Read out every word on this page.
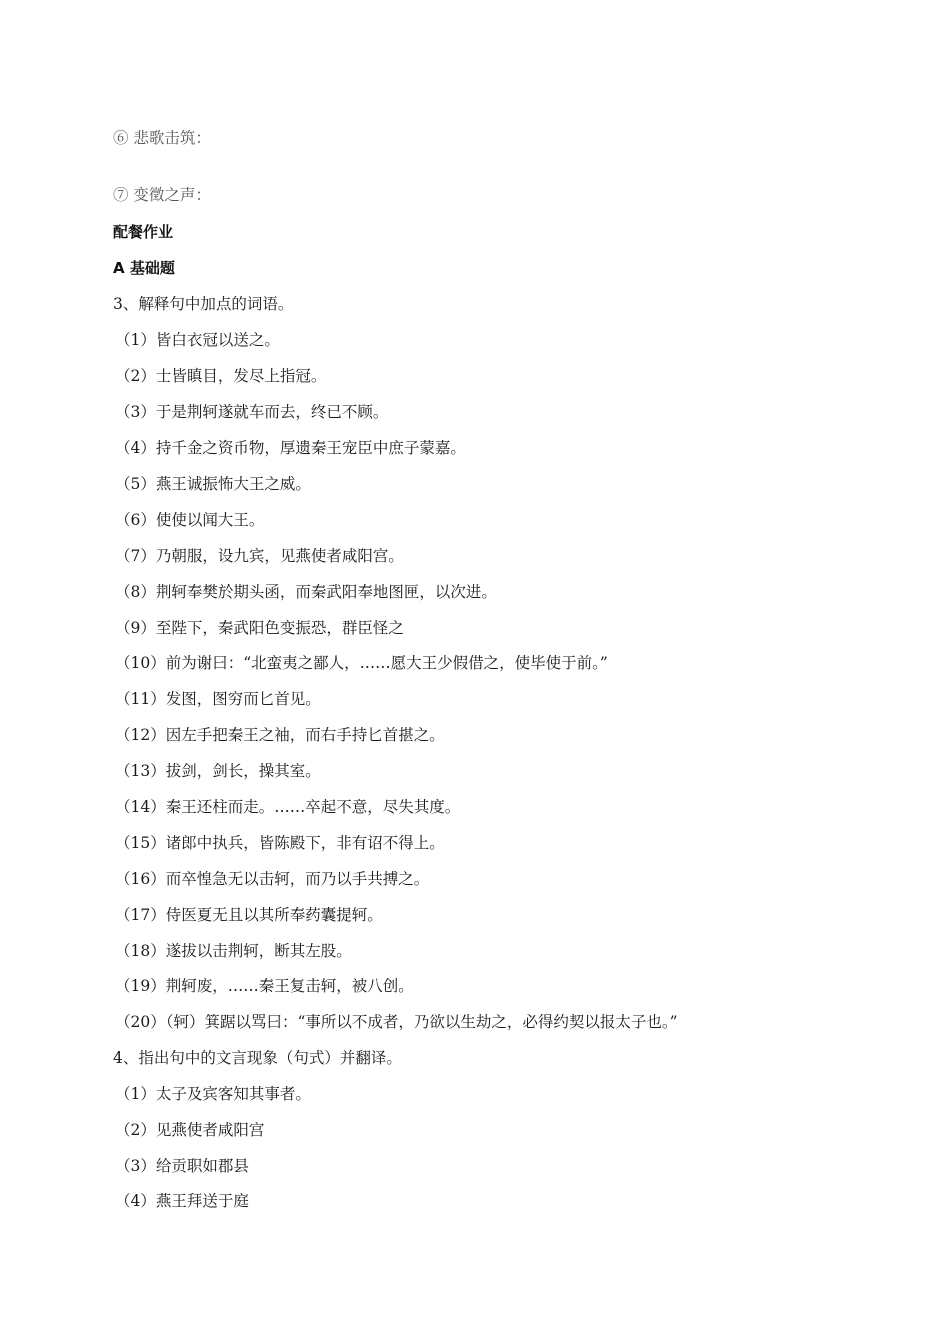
⑥ 悲歌击筑：
⑦ 变徵之声：
配餐作业
A 基础题
3、解释句中加点的词语。
（1）皆白衣冠以送之。
（2）士皆瞋目，发尽上指冠。
（3）于是荆轲遂就车而去，终已不顾。
（4）持千金之资币物，厚遗秦王宠臣中庶子蒙嘉。
（5）燕王诚振怖大王之威。
（6）使使以闻大王。
（7）乃朝服，设九宾，见燕使者咸阳宫。
（8）荆轲奉樊於期头函，而秦武阳奉地图匣，以次进。
（9）至陛下，秦武阳色变振恐，群臣怪之
（10）前为谢曰：“北蛮夷之鄙人，……愿大王少假借之，使毕使于前。”
（11）发图，图穷而匕首见。
（12）因左手把秦王之袖，而右手持匕首揕之。
（13）拔剑，剑长，操其室。
（14）秦王还柱而走。……卒起不意，尽失其度。
（15）诸郎中执兵，皆陈殿下，非有诏不得上。
（16）而卒惶急无以击轲，而乃以手共搏之。
（17）侍医夏无且以其所奉药囊提轲。
（18）遂拔以击荆轲，断其左股。
（19）荆轲废，……秦王复击轲，被八创。
（20）（轲）箕踞以骂曰：“事所以不成者，乃欲以生劫之，必得约契以报太子也。”
4、指出句中的文言现象（句式）并翻译。
（1）太子及宾客知其事者。
（2）见燕使者咸阳宫
（3）给贡职如郡县
（4）燕王拜送于庭
